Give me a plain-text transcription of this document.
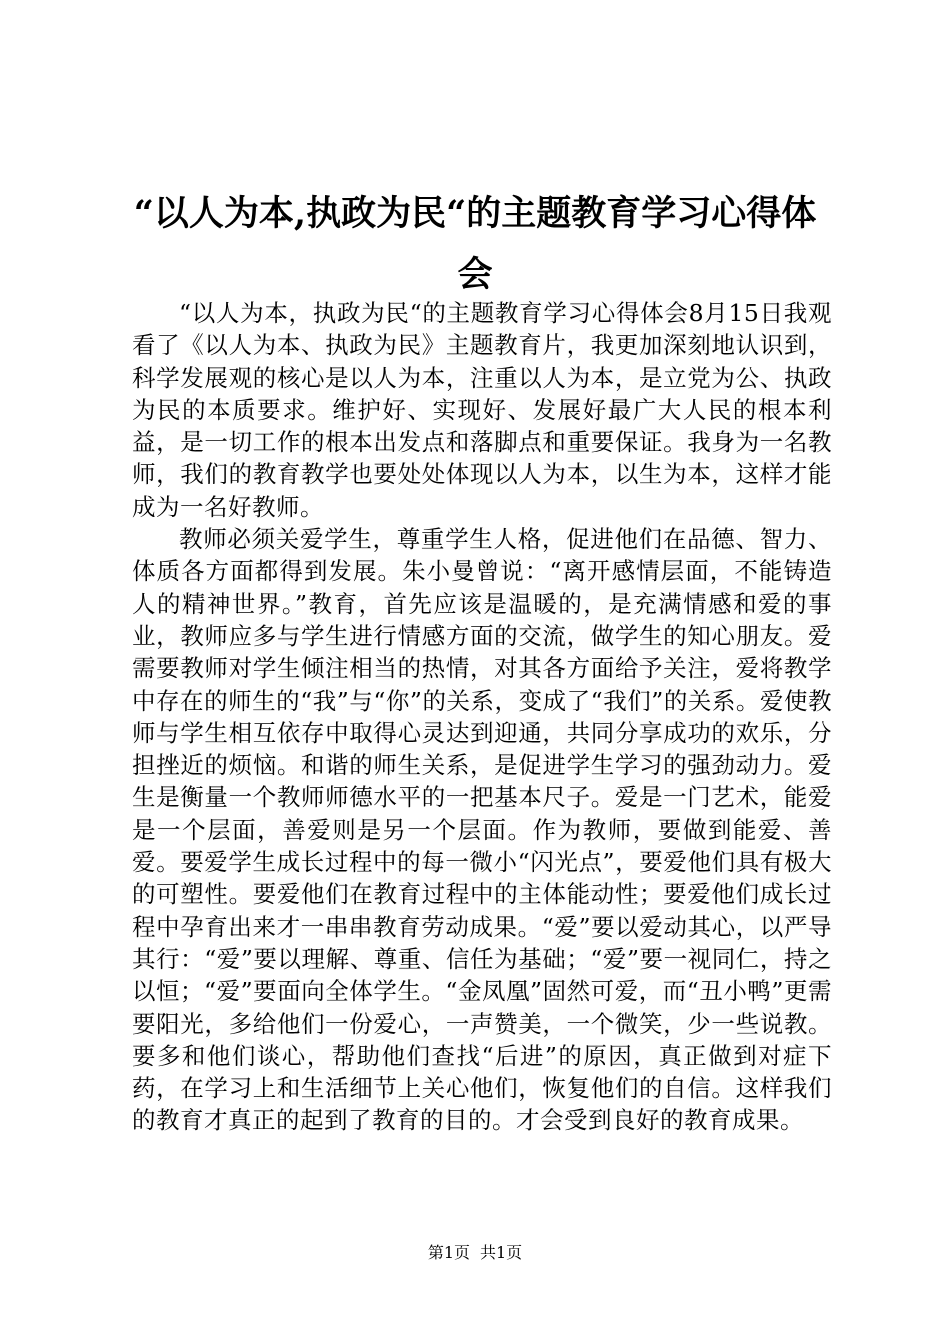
“以人为本,执政为民“的主题教育学习心得体会

“以人为本，执政为民“的主题教育学习心得体会8月15日我观看了《以人为本、执政为民》主题教育片，我更加深刻地认识到，科学发展观的核心是以人为本，注重以人为本，是立党为公、执政为民的本质要求。维护好、实现好、发展好最广大人民的根本利益，是一切工作的根本出发点和落脚点和重要保证。我身为一名教师，我们的教育教学也要处处体现以人为本，以生为本，这样才能成为一名好教师。

教师必须关爱学生，尊重学生人格，促进他们在品德、智力、体质各方面都得到发展。朱小曼曾说：“离开感情层面，不能铸造人的精神世界。”教育，首先应该是温暖的，是充满情感和爱的事业，教师应多与学生进行情感方面的交流，做学生的知心朋友。爱需要教师对学生倾注相当的热情，对其各方面给予关注，爱将教学中存在的师生的“我”与“你”的关系，变成了“我们”的关系。爱使教师与学生相互依存中取得心灵达到迎通，共同分享成功的欢乐，分担挫近的烦恼。和谐的师生关系，是促进学生学习的强劲动力。爱生是衡量一个教师师德水平的一把基本尺子。爱是一门艺术，能爱是一个层面，善爱则是另一个层面。作为教师，要做到能爱、善爱。要爱学生成长过程中的每一微小“闪光点”，要爱他们具有极大的可塑性。要爱他们在教育过程中的主体能动性；要爱他们成长过程中孕育出来才一串串教育劳动成果。“爱”要以爱动其心，以严导其行：“爱”要以理解、尊重、信任为基础；“爱”要一视同仁，持之以恒；“爱”要面向全体学生。“金凤凰”固然可爱，而“丑小鸭”更需要阳光，多给他们一份爱心，一声赞美，一个微笑，少一些说教。要多和他们谈心，帮助他们查找“后进”的原因，真正做到对症下药，在学习上和生活细节上关心他们，恢复他们的自信。这样我们的教育才真正的起到了教育的目的。才会受到良好的教育成果。

第1页 共1页
